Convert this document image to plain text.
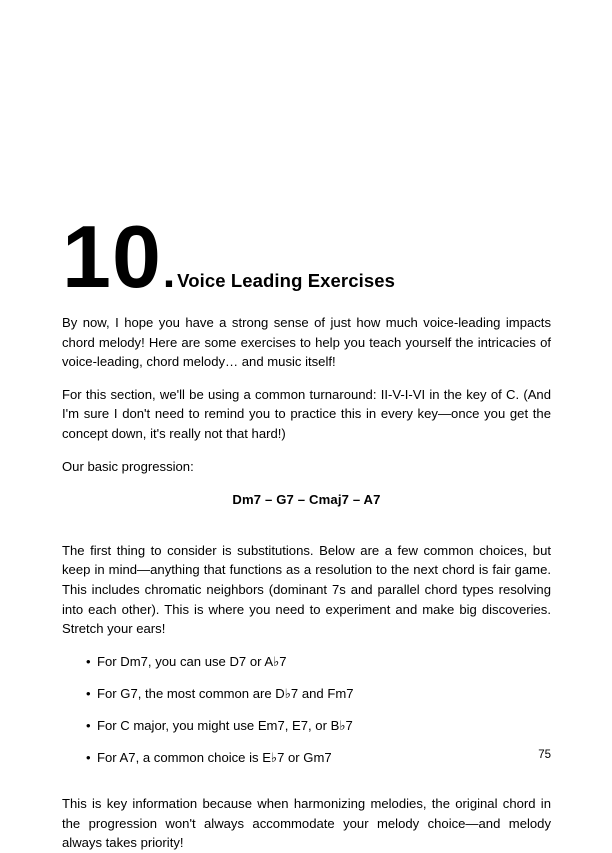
10. Voice Leading Exercises

By now, I hope you have a strong sense of just how much voice-leading impacts chord melody! Here are some exercises to help you teach yourself the intricacies of voice-leading, chord melody… and music itself!

For this section, we'll be using a common turnaround: II-V-I-VI in the key of C. (And I'm sure I don't need to remind you to practice this in every key—once you get the concept down, it's really not that hard!)

Our basic progression:

Dm7 – G7 – Cmaj7 – A7

The first thing to consider is substitutions. Below are a few common choices, but keep in mind—anything that functions as a resolution to the next chord is fair game. This includes chromatic neighbors (dominant 7s and parallel chord types resolving into each other). This is where you need to experiment and make big discoveries. Stretch your ears!

• For Dm7, you can use D7 or A♭7
• For G7, the most common are D♭7 and Fm7
• For C major, you might use Em7, E7, or B♭7
• For A7, a common choice is E♭7 or Gm7

This is key information because when harmonizing melodies, the original chord in the progression won't always accommodate your melody choice—and melody always takes priority!

75
